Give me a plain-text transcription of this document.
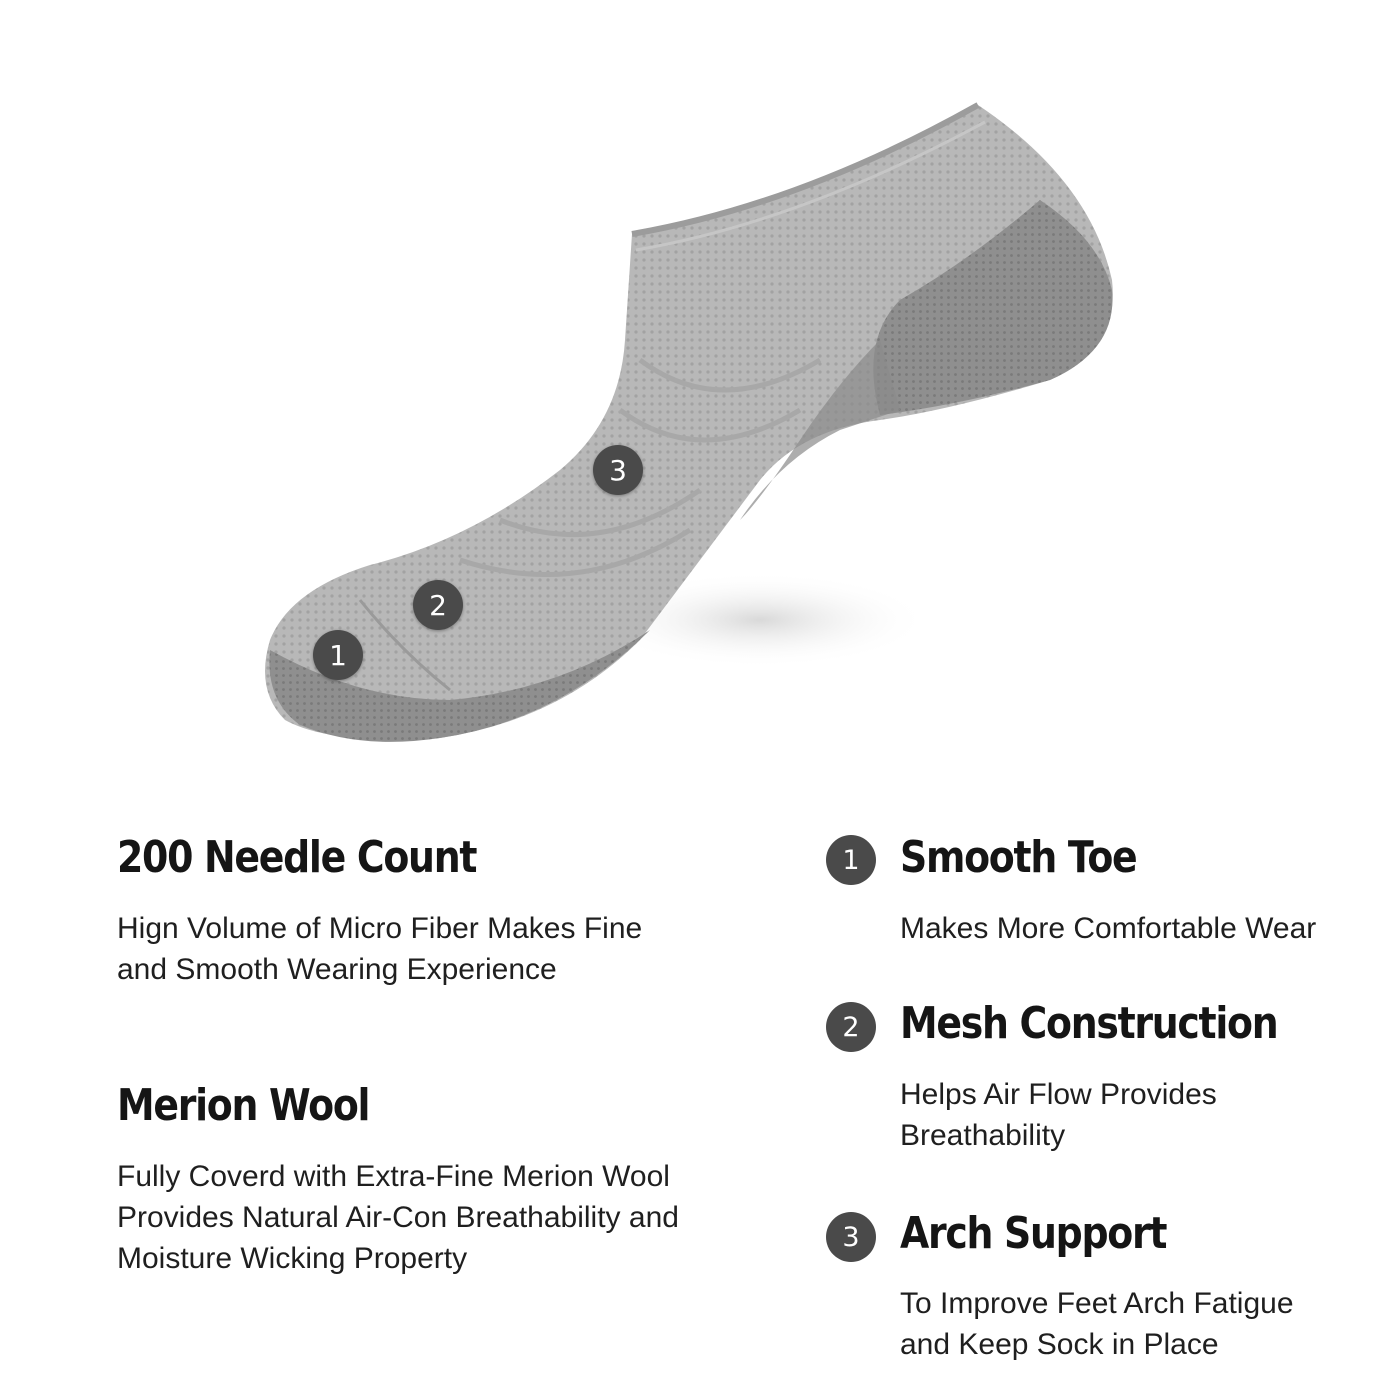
1
2
3
200 Needle Count

Hign Volume of Micro Fiber Makes Fine
and Smooth Wearing Experience

Merion Wool

Fully Coverd with Extra-Fine Merion Wool
Provides Natural Air-Con Breathability and
Moisture Wicking Property

1 Smooth Toe

Makes More Comfortable Wear

2 Mesh Construction

Helps Air Flow Provides
Breathability

3 Arch Support

To Improve Feet Arch Fatigue
and Keep Sock in Place
